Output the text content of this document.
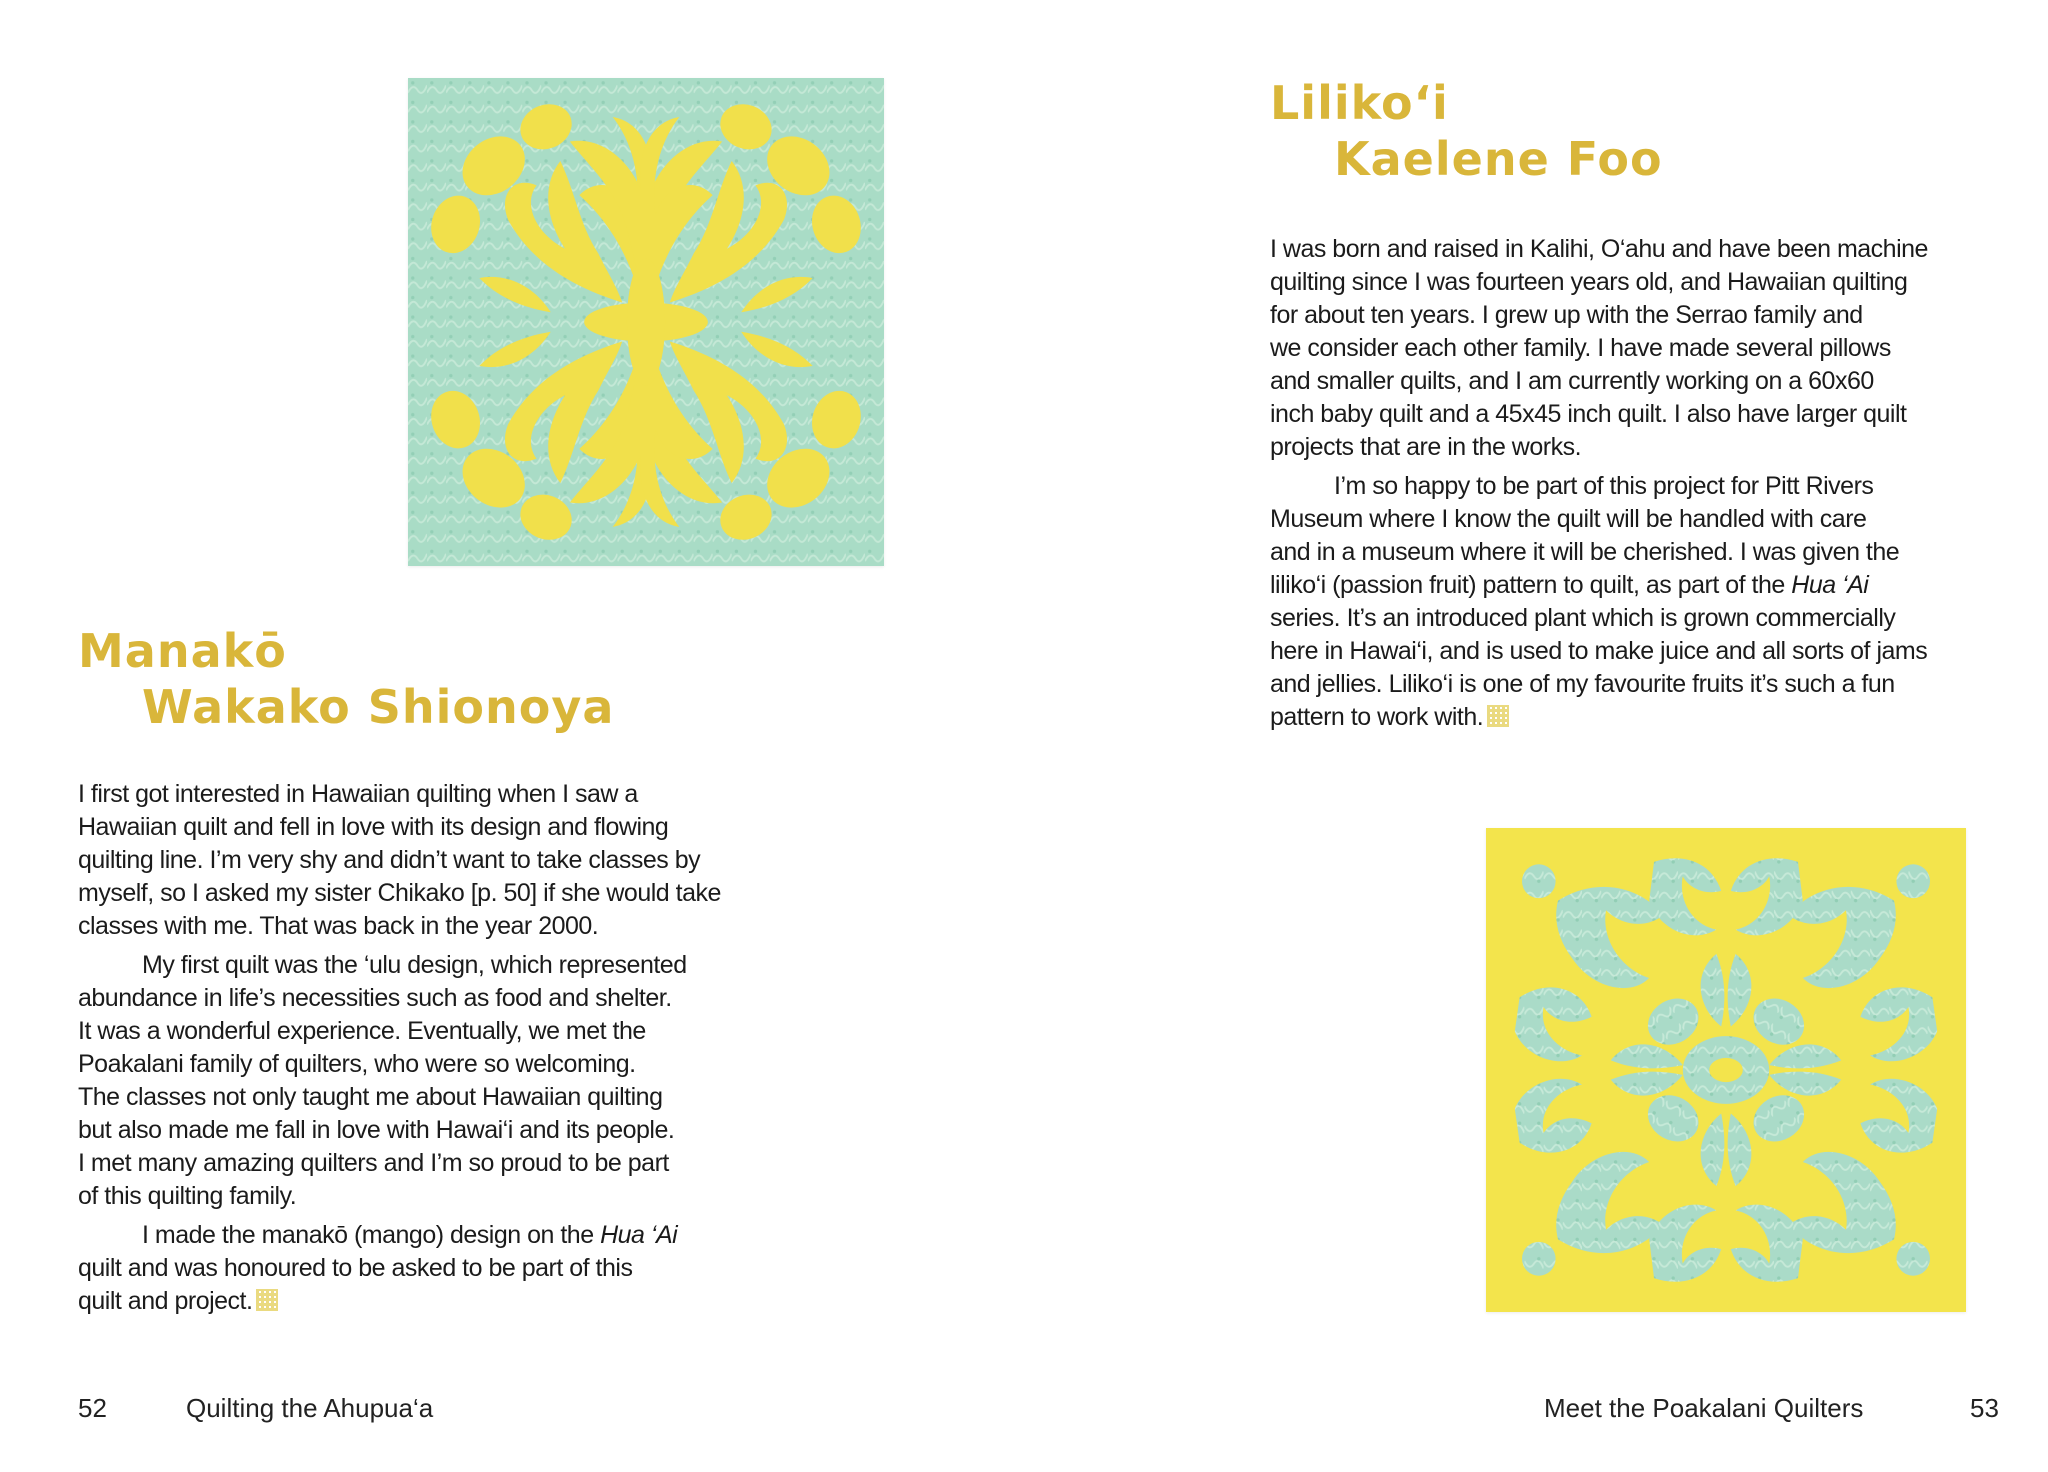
Manakō
Wakako Shionoya

I first got interested in Hawaiian quilting when I saw a
Hawaiian quilt and fell in love with its design and flowing
quilting line. I’m very shy and didn’t want to take classes by
myself, so I asked my sister Chikako [p. 50] if she would take
classes with me. That was back in the year 2000.

My first quilt was the ‘ulu design, which represented

abundance in life’s necessities such as food and shelter.
It was a wonderful experience. Eventually, we met the
Poakalani family of quilters, who were so welcoming.
The classes not only taught me about Hawaiian quilting
but also made me fall in love with Hawai‘i and its people.
I met many amazing quilters and I’m so proud to be part
of this quilting family.

I made the manakō (mango) design on the Hua ‘Ai

quilt and was honoured to be asked to be part of this
quilt and project.

52	Quilting the Ahupua‘a
Liliko‘i
Kaelene Foo

I was born and raised in Kalihi, O‘ahu and have been machine
quilting since I was fourteen years old, and Hawaiian quilting
for about ten years. I grew up with the Serrao family and
we consider each other family. I have made several pillows
and smaller quilts, and I am currently working on a 60x60
inch baby quilt and a 45x45 inch quilt. I also have larger quilt
projects that are in the works.

I’m so happy to be part of this project for Pitt Rivers

Museum where I know the quilt will be handled with care
and in a museum where it will be cherished. I was given the
liliko‘i (passion fruit) pattern to quilt, as part of the Hua ‘Ai
series. It’s an introduced plant which is grown commercially
here in Hawai‘i, and is used to make juice and all sorts of jams
and jellies. Liliko‘i is one of my favourite fruits it’s such a fun
pattern to work with.

Meet the Poakalani Quilters	53
